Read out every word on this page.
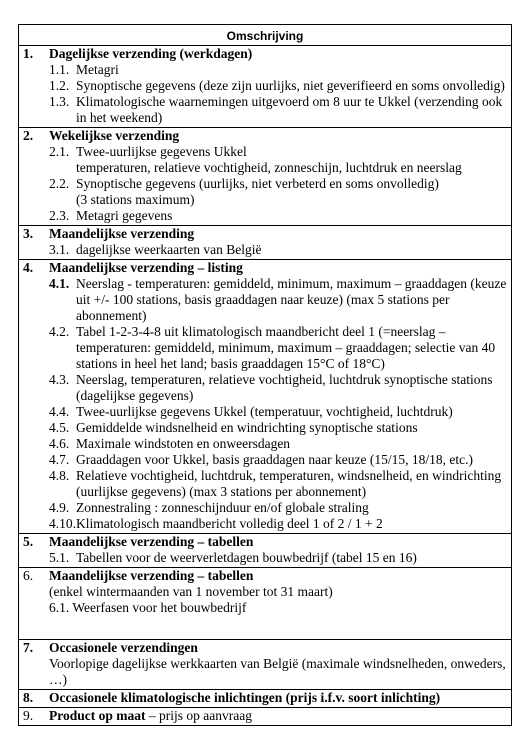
Omschrijving

1.	Dagelijkse verzending (werkdagen)
1.1. Metagri
1.2. Synoptische gegevens (deze zijn uurlijks, niet geverifieerd en soms onvolledig)
1.3. Klimatologische waarnemingen uitgevoerd om 8 uur te Ukkel (verzending ook in het weekend)

2.	Wekelijkse verzending
2.1. Twee-uurlijkse gegevens Ukkel
temperaturen, relatieve vochtigheid, zonneschijn, luchtdruk en neerslag
2.2. Synoptische gegevens (uurlijks, niet verbeterd en soms onvolledig)
(3 stations maximum)
2.3. Metagri gegevens

3.	Maandelijkse verzending
3.1. dagelijkse weerkaarten van België

4.	Maandelijkse verzending – listing
4.1. Neerslag - temperaturen: gemiddeld, minimum, maximum – graaddagen (keuze uit +/- 100 stations, basis graaddagen naar keuze) (max 5 stations per abonnement)
4.2. Tabel 1-2-3-4-8 uit klimatologisch maandbericht deel 1 (=neerslag – temperaturen: gemiddeld, minimum, maximum – graaddagen; selectie van 40 stations in heel het land; basis graaddagen 15°C of 18°C)
4.3. Neerslag, temperaturen, relatieve vochtigheid, luchtdruk synoptische stations (dagelijkse gegevens)
4.4. Twee-uurlijkse gegevens Ukkel (temperatuur, vochtigheid, luchtdruk)
4.5. Gemiddelde windsnelheid en windrichting synoptische stations
4.6. Maximale windstoten en onweersdagen
4.7. Graaddagen voor Ukkel, basis graaddagen naar keuze (15/15, 18/18, etc.)
4.8. Relatieve vochtigheid, luchtdruk, temperaturen, windsnelheid, en windrichting (uurlijkse gegevens) (max 3 stations per abonnement)
4.9. Zonnestraling : zonneschijnduur en/of globale straling
4.10. Klimatologisch maandbericht volledig deel 1 of 2 / 1 + 2

5.	Maandelijkse verzending – tabellen
5.1. Tabellen voor de weerverletdagen bouwbedrijf (tabel 15 en 16)

6.	Maandelijkse verzending – tabellen
(enkel wintermaanden van 1 november tot 31 maart)
6.1. Weerfasen voor het bouwbedrijf

7.	Occasionele verzendingen
Voorlopige dagelijkse werkkaarten van België (maximale windsnelheden, onweders, …)

8.	Occasionele klimatologische inlichtingen (prijs i.f.v. soort inlichting)

9.	Product op maat – prijs op aanvraag
